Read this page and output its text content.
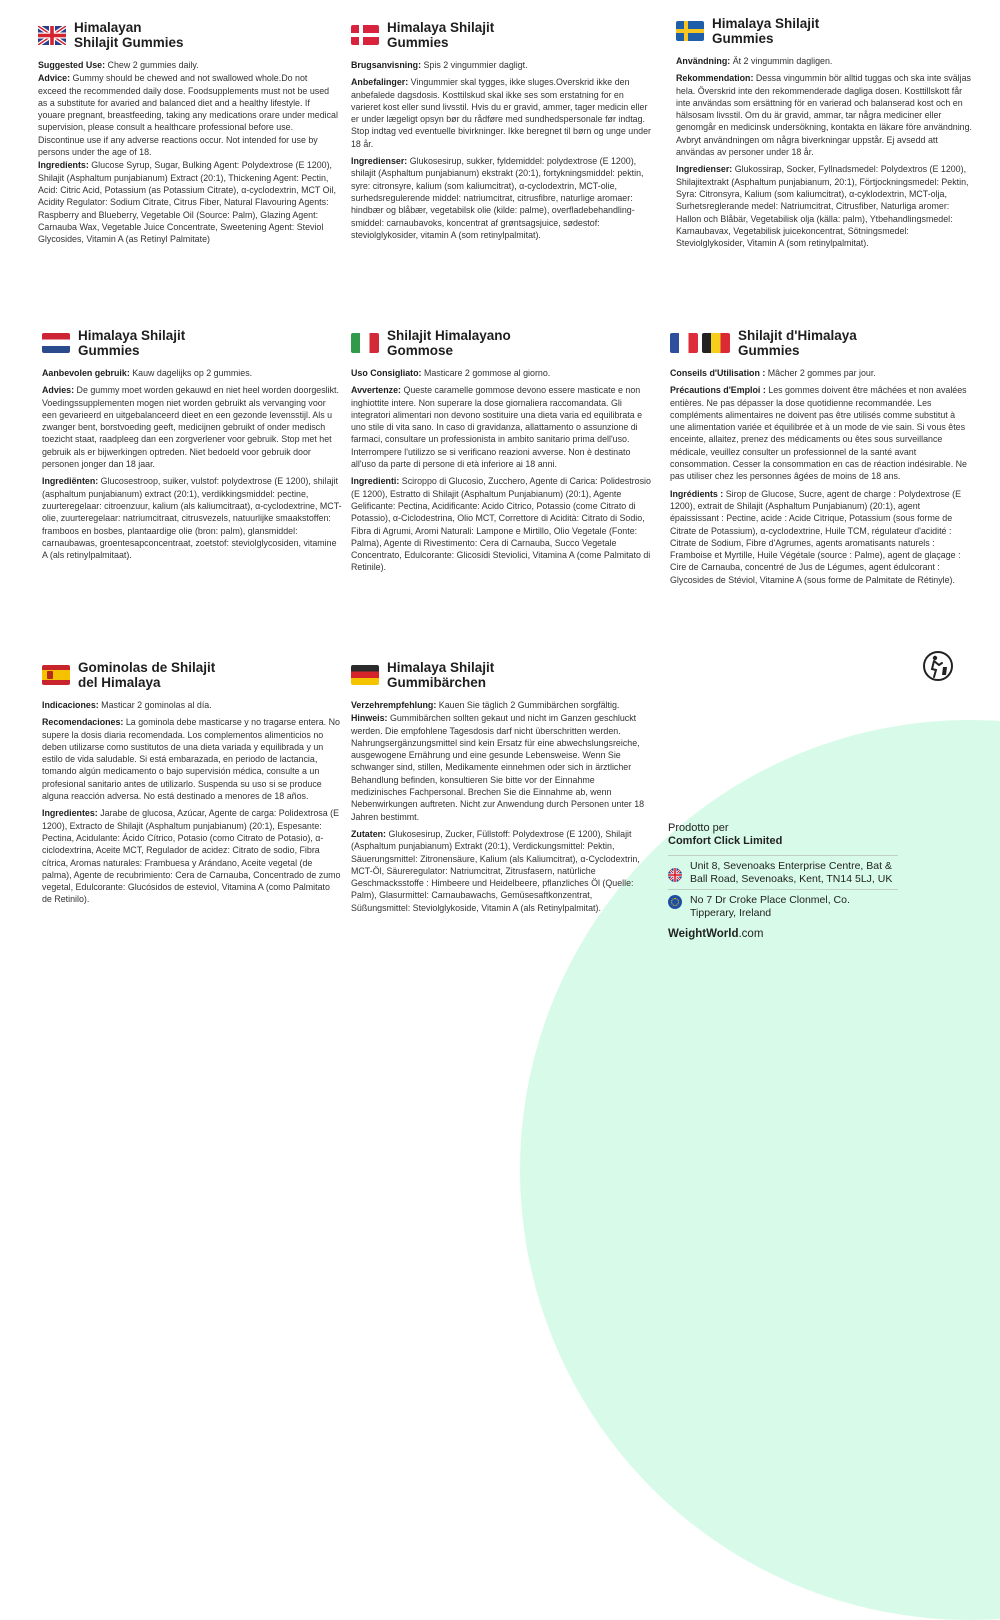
Himalayan
Shilajit Gummies

Suggested Use: Chew 2 gummies daily.

Advice: Gummy should be chewed and not swallowed whole.Do not exceed the recommended daily dose. Foodsupplements must not be used as a substitute for avaried and balanced diet and a healthy lifestyle. If youare pregnant, breastfeeding, taking any medications orare under medical supervision, please consult a healthcare professional before use. Discontinue use if any adverse reactions occur. Not intended for use by persons under the age of 18.

Ingredients: Glucose Syrup, Sugar, Bulking Agent: Polydextrose (E 1200), Shilajit (Asphaltum punjabianum) Extract (20:1), Thickening Agent: Pectin, Acid: Citric Acid, Potassium (as Potassium Citrate), α-cyclodextrin, MCT Oil, Acidity Regulator: Sodium Citrate, Citrus Fiber, Natural Flavouring Agents: Raspberry and Blueberry, Vegetable Oil (Source: Palm), Glazing Agent: Carnauba Wax, Vegetable Juice Concentrate, Sweetening Agent: Steviol Glycosides, Vitamin A (as Retinyl Palmitate)

Himalaya Shilajit
Gummies

Brugsanvisning: Spis 2 vingummier dagligt.

Anbefalinger: Vingummier skal tygges, ikke sluges.Overskrid ikke den anbefalede dagsdosis. Kosttilskud skal ikke ses som erstatning for en varieret kost eller sund livsstil. Hvis du er gravid, ammer, tager medicin eller er under lægeligt opsyn bør du rådføre med sundhedspersonale før indtag. Stop indtag ved eventuelle bivirkninger. Ikke beregnet til børn og unge under 18 år.

Ingredienser: Glukosesirup, sukker, fyldemiddel: polydextrose (E 1200), shilajit (Asphaltum punjabianum) ekstrakt (20:1), fortykningsmiddel: pektin, syre: citronsyre, kalium (som kaliumcitrat), α-cyclodextrin, MCT-olie, surhedsregulerende middel: natriumcitrat, citrusfibre, naturlige aromaer: hindbær og blåbær, vegetabilsk olie (kilde: palme), overfladebehandling-smiddel: carnaubavoks, koncentrat af grøntsagsjuice, sødestof: steviolglykosider, vitamin A (som retinylpalmitat).

Himalaya Shilajit
Gummies

Användning: Ät 2 vingummin dagligen.

Rekommendation: Dessa vingummin bör alltid tuggas och ska inte sväljas hela. Överskrid inte den rekommenderade dagliga dosen. Kosttillskott får inte användas som ersättning för en varierad och balanserad kost och en hälsosam livsstil. Om du är gravid, ammar, tar några mediciner eller genomgår en medicinsk undersökning, kontakta en läkare före användning. Avbryt användningen om några biverkningar uppstår. Ej avsedd att användas av personer under 18 år.

Ingredienser: Glukossirap, Socker, Fyllnadsmedel: Polydextros (E 1200), Shilajitextrakt (Asphaltum punjabianum, 20:1), Förtjockningsmedel: Pektin, Syra: Citronsyra, Kalium (som kaliumcitrat), α-cyklodextrin, MCT-olja, Surhetsreglerande medel: Natriumcitrat, Citrusfiber, Naturliga aromer: Hallon och Blåbär, Vegetabilisk olja (källa: palm), Ytbehandlingsmedel: Karnaubavax, Vegetabilisk juicekoncentrat, Sötningsmedel: Steviolglykosider, Vitamin A (som retinylpalmitat).

Himalaya Shilajit
Gummies

Aanbevolen gebruik: Kauw dagelijks op 2 gummies.

Advies: De gummy moet worden gekauwd en niet heel worden doorgeslikt. Voedingssupplementen mogen niet worden gebruikt als vervanging voor een gevarieerd en uitgebalanceerd dieet en een gezonde levensstijl. Als u zwanger bent, borstvoeding geeft, medicijnen gebruikt of onder medisch toezicht staat, raadpleeg dan een zorgverlener voor gebruik. Stop met het gebruik als er bijwerkingen optreden. Niet bedoeld voor gebruik door personen jonger dan 18 jaar.

Ingrediënten: Glucosestroop, suiker, vulstof: polydextrose (E 1200), shilajit (asphaltum punjabianum) extract (20:1), verdikkingsmiddel: pectine, zuurteregelaar: citroenzuur, kalium (als kaliumcitraat), α-cyclodextrine, MCT-olie, zuurteregelaar: natriumcitraat, citrusvezels, natuurlijke smaakstoffen: framboos en bosbes, plantaardige olie (bron: palm), glansmiddel: carnaubawas, groentesapconcentraat, zoetstof: steviolglycosiden, vitamine A (als retinylpalmitaat).

Shilajit Himalayano
Gommose

Uso Consigliato: Masticare 2 gommose al giorno.

Avvertenze: Queste caramelle gommose devono essere masticate e non inghiottite intere. Non superare la dose giornaliera raccomandata. Gli integratori alimentari non devono sostituire una dieta varia ed equilibrata e uno stile di vita sano. In caso di gravidanza, allattamento o assunzione di farmaci, consultare un professionista in ambito sanitario prima dell'uso. Interrompere l'utilizzo se si verificano reazioni avverse. Non è destinato all'uso da parte di persone di età inferiore ai 18 anni.

Ingredienti: Sciroppo di Glucosio, Zucchero, Agente di Carica: Polidestrosio (E 1200), Estratto di Shilajit (Asphaltum Punjabianum) (20:1), Agente Gelificante: Pectina, Acidificante: Acido Citrico, Potassio (come Citrato di Potassio), α-Ciclodestrina, Olio MCT, Correttore di Acidità: Citrato di Sodio, Fibra di Agrumi, Aromi Naturali: Lampone e Mirtillo, Olio Vegetale (Fonte: Palma), Agente di Rivestimento: Cera di Carnauba, Succo Vegetale Concentrato, Edulcorante: Glicosidi Steviolici, Vitamina A (come Palmitato di Retinile).

Shilajit d'Himalaya
Gummies

Conseils d'Utilisation : Mâcher 2 gommes par jour.

Précautions d'Emploi : Les gommes doivent être mâchées et non avalées entières. Ne pas dépasser la dose quotidienne recommandée. Les compléments alimentaires ne doivent pas être utilisés comme substitut à une alimentation variée et équilibrée et à un mode de vie sain. Si vous êtes enceinte, allaitez, prenez des médicaments ou êtes sous surveillance médicale, veuillez consulter un professionnel de la santé avant consommation. Cesser la consommation en cas de réaction indésirable. Ne pas utiliser chez les personnes âgées de moins de 18 ans.

Ingrédients : Sirop de Glucose, Sucre, agent de charge : Polydextrose (E 1200), extrait de Shilajit (Asphaltum Punjabianum) (20:1), agent épaississant : Pectine, acide : Acide Citrique, Potassium (sous forme de Citrate de Potassium), α-cyclodextrine, Huile TCM, régulateur d'acidité : Citrate de Sodium, Fibre d'Agrumes, agents aromatisants naturels : Framboise et Myrtille, Huile Végétale (source : Palme), agent de glaçage : Cire de Carnauba, concentré de Jus de Légumes, agent édulcorant : Glycosides de Stéviol, Vitamine A (sous forme de Palmitate de Rétinyle).

Gominolas de Shilajit
del Himalaya

Indicaciones: Masticar 2 gominolas al día.

Recomendaciones: La gominola debe masticarse y no tragarse entera. No supere la dosis diaria recomendada. Los complementos alimenticios no deben utilizarse como sustitutos de una dieta variada y equilibrada y un estilo de vida saludable. Si está embarazada, en periodo de lactancia, tomando algún medicamento o bajo supervisión médica, consulte a un profesional sanitario antes de utilizarlo. Suspenda su uso si se produce alguna reacción adversa. No está destinado a menores de 18 años.

Ingredientes: Jarabe de glucosa, Azúcar, Agente de carga: Polidextrosa (E 1200), Extracto de Shilajit (Asphaltum punjabianum) (20:1), Espesante: Pectina, Acidulante: Ácido Cítrico, Potasio (como Citrato de Potasio), α-ciclodextrina, Aceite MCT, Regulador de acidez: Citrato de sodio, Fibra cítrica, Aromas naturales: Frambuesa y Arándano, Aceite vegetal (de palma), Agente de recubrimiento: Cera de Carnauba, Concentrado de zumo vegetal, Edulcorante: Glucósidos de esteviol, Vitamina A (como Palmitato de Retinilo).

Himalaya Shilajit
Gummibärchen

Verzehrempfehlung: Kauen Sie täglich 2 Gummibärchen sorgfältig.

Hinweis: Gummibärchen sollten gekaut und nicht im Ganzen geschluckt werden. Die empfohlene Tagesdosis darf nicht überschritten werden. Nahrungsergänzungsmittel sind kein Ersatz für eine abwechslungsreiche, ausgewogene Ernährung und eine gesunde Lebensweise. Wenn Sie schwanger sind, stillen, Medikamente einnehmen oder sich in ärztlicher Behandlung befinden, konsultieren Sie bitte vor der Einnahme medizinisches Fachpersonal. Brechen Sie die Einnahme ab, wenn Nebenwirkungen auftreten. Nicht zur Anwendung durch Personen unter 18 Jahren bestimmt.

Zutaten: Glukosesirup, Zucker, Füllstoff: Polydextrose (E 1200), Shilajit (Asphaltum punjabianum) Extrakt (20:1), Verdickungsmittel: Pektin, Säuerungsmittel: Zitronensäure, Kalium (als Kaliumcitrat), α-Cyclodextrin, MCT-Öl, Säureregulator: Natriumcitrat, Zitrusfasern, natürliche Geschmacksstoffe : Himbeere und Heidelbeere, pflanzliches Öl (Quelle: Palm), Glasurmittel: Carnaubawachs, Gemüsesaftkonzentrat, Süßungsmittel: Steviolglykoside, Vitamin A (als Retinylpalmitat).

Prodotto per
Comfort Click Limited
Unit 8, Sevenoaks Enterprise Centre, Bat & Ball Road, Sevenoaks, Kent, TN14 5LJ, UK
No 7 Dr Croke Place Clonmel, Co. Tipperary, Ireland
WeightWorld.com
